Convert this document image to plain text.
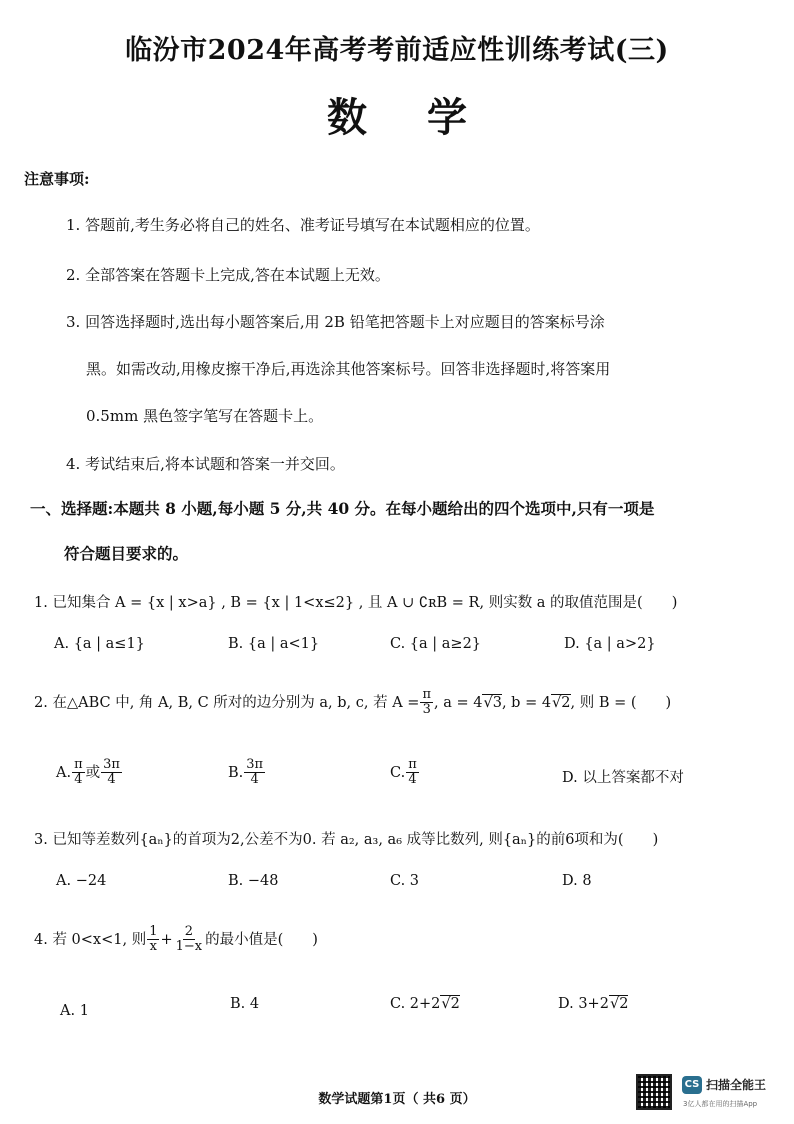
临汾市2024年高考考前适应性训练考试(三)
数学
注意事项:
1. 答题前,考生务必将自己的姓名、准考证号填写在本试题相应的位置。
2. 全部答案在答题卡上完成,答在本试题上无效。
3. 回答选择题时,选出每小题答案后,用 2B 铅笔把答题卡上对应题目的答案标号涂
黑。如需改动,用橡皮擦干净后,再选涂其他答案标号。回答非选择题时,将答案用
0.5mm 黑色签字笔写在答题卡上。
4. 考试结束后,将本试题和答案一并交回。
一、选择题:本题共 8 小题,每小题 5 分,共 40 分。在每小题给出的四个选项中,只有一项是
符合题目要求的。
1. 已知集合 A = {x | x>a} , B = {x | 1<x≤2} , 且 A ∪ ∁ʀB = R, 则实数 a 的取值范围是(　　)
A. {a | a≤1}	B. {a | a<1}	C. {a | a≥2}	D. {a | a>2}
2. 在△ABC 中, 角 A, B, C 所对的边分别为 a, b, c, 若 $A = \frac{\pi}{3}$ , a = 4√3, b = 4√2, 则 B = (　　)
A. $\frac{\pi}{4}$ 或 $\frac{3\pi}{4}$	B. $\frac{3\pi}{4}$	C. $\frac{\pi}{4}$	D. 以上答案都不对
3. 已知等差数列{aₙ}的首项为2,公差不为0. 若 a₂, a₃, a₆ 成等比数列, 则{aₙ}的前6项和为(　　)
A. −24	B. −48	C. 3	D. 8
4. 若 0<x<1, 则 $\frac{1}{x} + \frac{2}{1-x}$ 的最小值是(　　)
A. 1	B. 4	C. 2+2√2	D. 3+2√2
数学试题第1页（ 共6 页）
CS 扫描全能王
3亿人都在用的扫描App
